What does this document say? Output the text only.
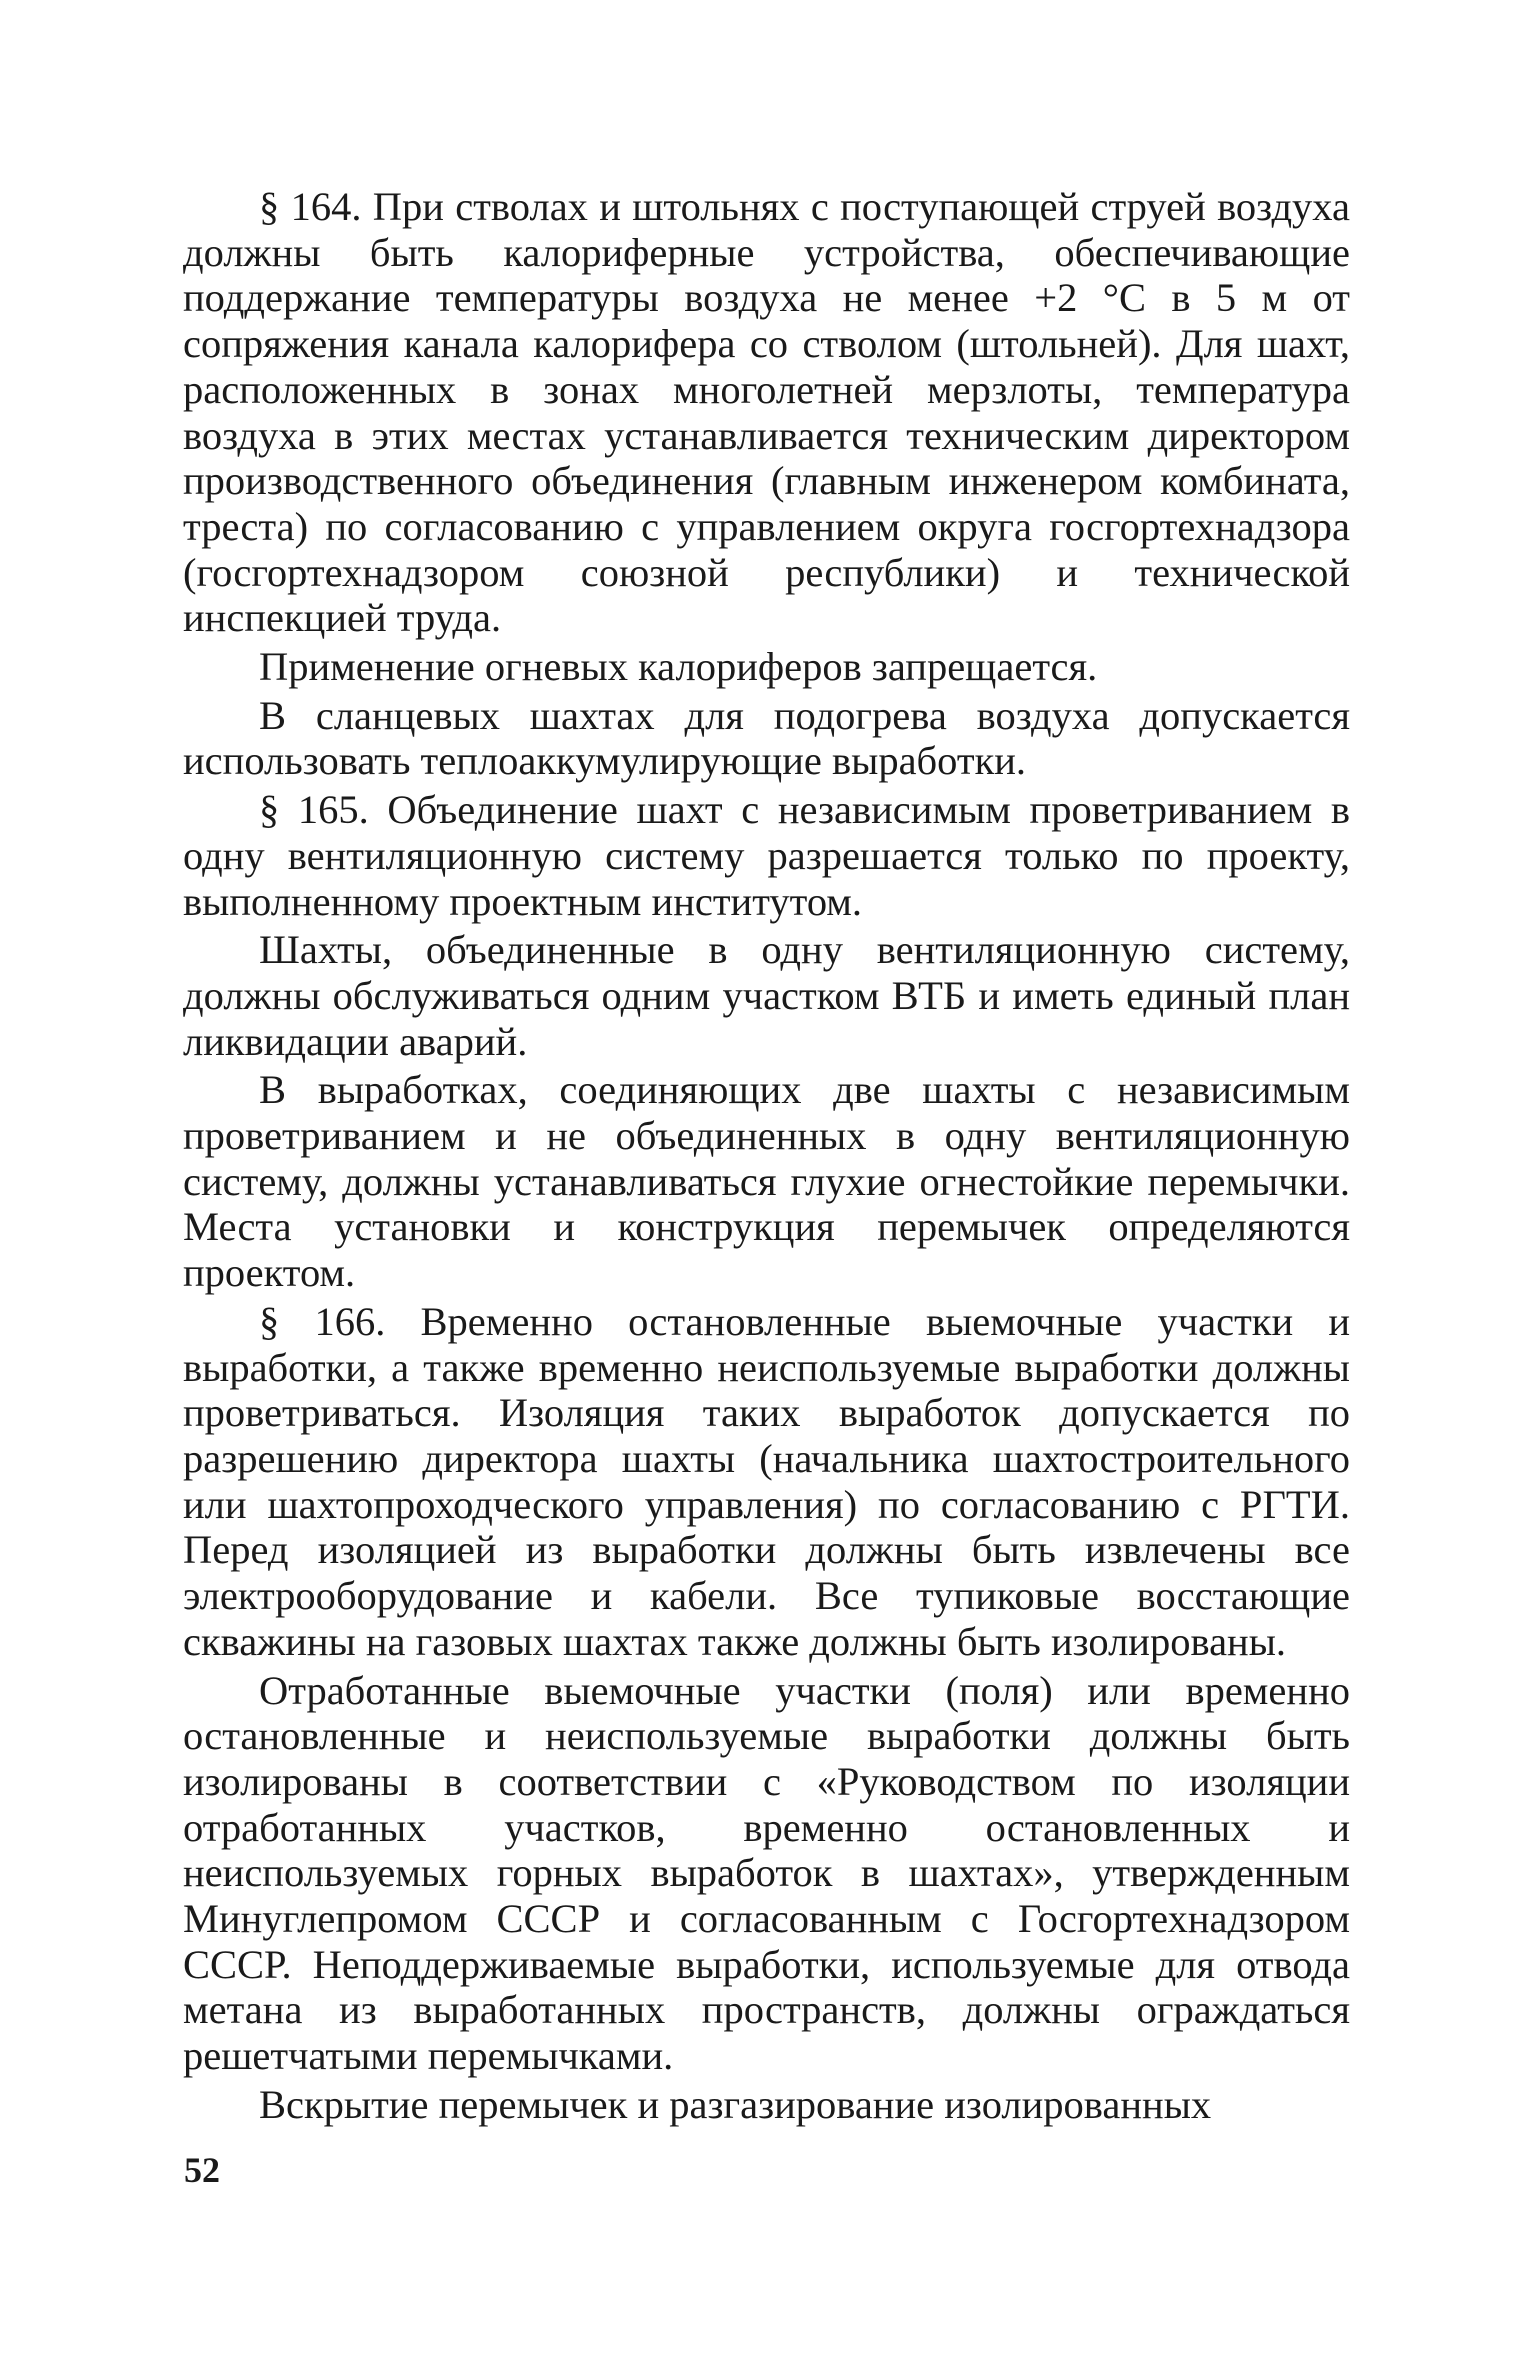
§ 164. При стволах и штольнях с поступающей струей воздуха должны быть калориферные устройства, обеспечивающие поддержание температуры воздуха не менее +2 °С в 5 м от сопряжения канала калорифера со стволом (штольней). Для шахт, расположенных в зонах многолетней мерзлоты, температура воздуха в этих местах устанавливается техническим директором производственного объединения (главным инженером комбината, треста) по согласованию с управлением округа госгортехнадзора (госгортехнадзором союзной республики) и технической инспекцией труда.

Применение огневых калориферов запрещается.

В сланцевых шахтах для подогрева воздуха допускается использовать теплоаккумулирующие выработки.

§ 165. Объединение шахт с независимым проветриванием в одну вентиляционную систему разрешается только по проекту, выполненному проектным институтом.

Шахты, объединенные в одну вентиляционную систему, должны обслуживаться одним участком ВТБ и иметь единый план ликвидации аварий.

В выработках, соединяющих две шахты с независимым проветриванием и не объединенных в одну вентиляционную систему, должны устанавливаться глухие огнестойкие перемычки. Места установки и конструкция перемычек определяются проектом.

§ 166. Временно остановленные выемочные участки и выработки, а также временно неиспользуемые выработки должны проветриваться. Изоляция таких выработок допускается по разрешению директора шахты (начальника шахтостроительного или шахтопроходческого управления) по согласованию с РГТИ. Перед изоляцией из выработки должны быть извлечены все электрооборудование и кабели. Все тупиковые восстающие скважины на газовых шахтах также должны быть изолированы.

Отработанные выемочные участки (поля) или временно остановленные и неиспользуемые выработки должны быть изолированы в соответствии с «Руководством по изоляции отработанных участков, временно остановленных и неиспользуемых горных выработок в шахтах», утвержденным Минуглепромом СССР и согласованным с Госгортехнадзором СССР. Неподдерживаемые выработки, используемые для отвода метана из выработанных пространств, должны ограждаться решетчатыми перемычками.

Вскрытие перемычек и разгазирование изолированных

52
